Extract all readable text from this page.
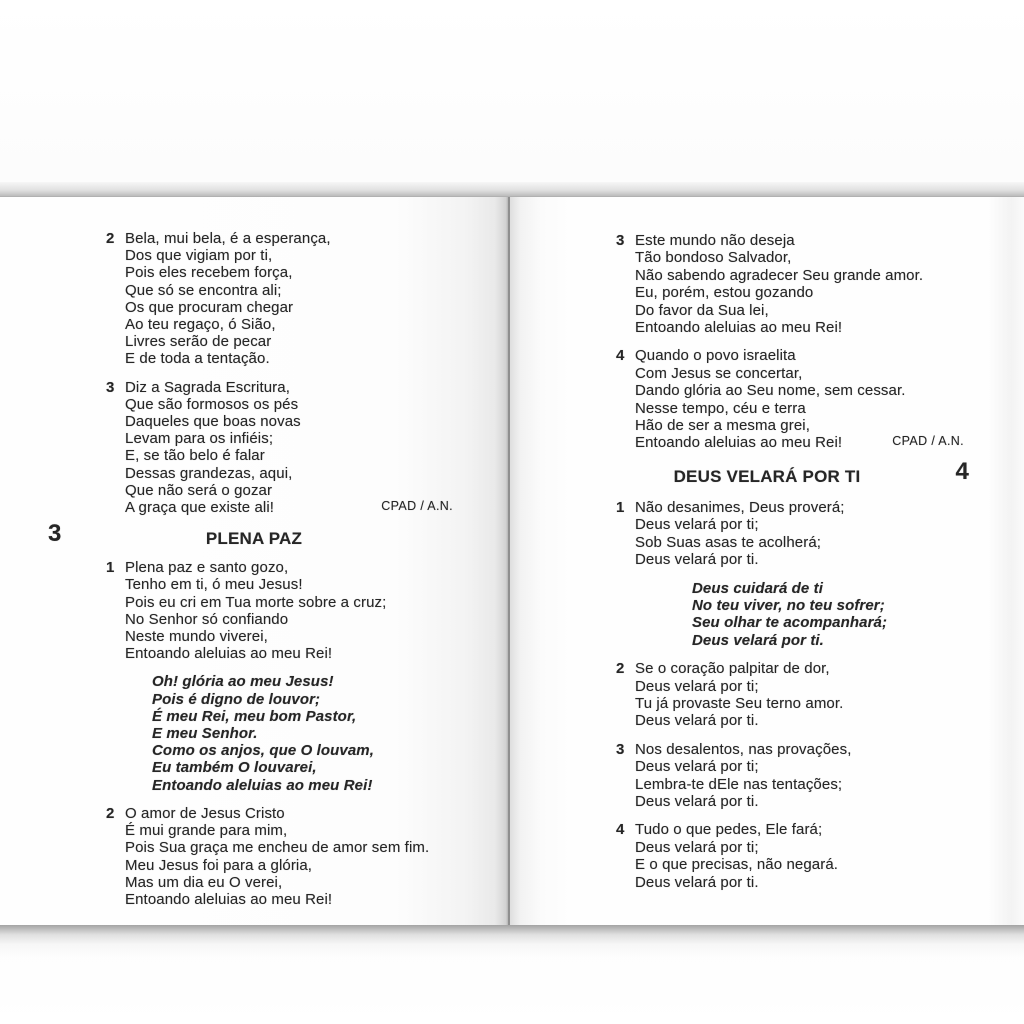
2 Bela, mui bela, é a esperança,
Dos que vigiam por ti,
Pois eles recebem força,
Que só se encontra ali;
Os que procuram chegar
Ao teu regaço, ó Sião,
Livres serão de pecar
E de toda a tentação.
3 Diz a Sagrada Escritura,
Que são formosos os pés
Daqueles que boas novas
Levam para os infiéis;
E, se tão belo é falar
Dessas grandezas, aqui,
Que não será o gozar
A graça que existe ali!	CPAD / A.N.
3	PLENA PAZ
1 Plena paz e santo gozo,
Tenho em ti, ó meu Jesus!
Pois eu cri em Tua morte sobre a cruz;
No Senhor só confiando
Neste mundo viverei,
Entoando aleluias ao meu Rei!
Oh! glória ao meu Jesus!
Pois é digno de louvor;
É meu Rei, meu bom Pastor,
E meu Senhor.
Como os anjos, que O louvam,
Eu também O louvarei,
Entoando aleluias ao meu Rei!
2 O amor de Jesus Cristo
É mui grande para mim,
Pois Sua graça me encheu de amor sem fim.
Meu Jesus foi para a glória,
Mas um dia eu O verei,
Entoando aleluias ao meu Rei!
3 Este mundo não deseja
Tão bondoso Salvador,
Não sabendo agradecer Seu grande amor.
Eu, porém, estou gozando
Do favor da Sua lei,
Entoando aleluias ao meu Rei!
4 Quando o povo israelita
Com Jesus se concertar,
Dando glória ao Seu nome, sem cessar.
Nesse tempo, céu e terra
Hão de ser a mesma grei,
Entoando aleluias ao meu Rei!	CPAD / A.N.
DEUS VELARÁ POR TI	4
1 Não desanimes, Deus proverá;
Deus velará por ti;
Sob Suas asas te acolherá;
Deus velará por ti.
Deus cuidará de ti
No teu viver, no teu sofrer;
Seu olhar te acompanhará;
Deus velará por ti.
2 Se o coração palpitar de dor,
Deus velará por ti;
Tu já provaste Seu terno amor.
Deus velará por ti.
3 Nos desalentos, nas provações,
Deus velará por ti;
Lembra-te dEle nas tentações;
Deus velará por ti.
4 Tudo o que pedes, Ele fará;
Deus velará por ti;
E o que precisas, não negará.
Deus velará por ti.
